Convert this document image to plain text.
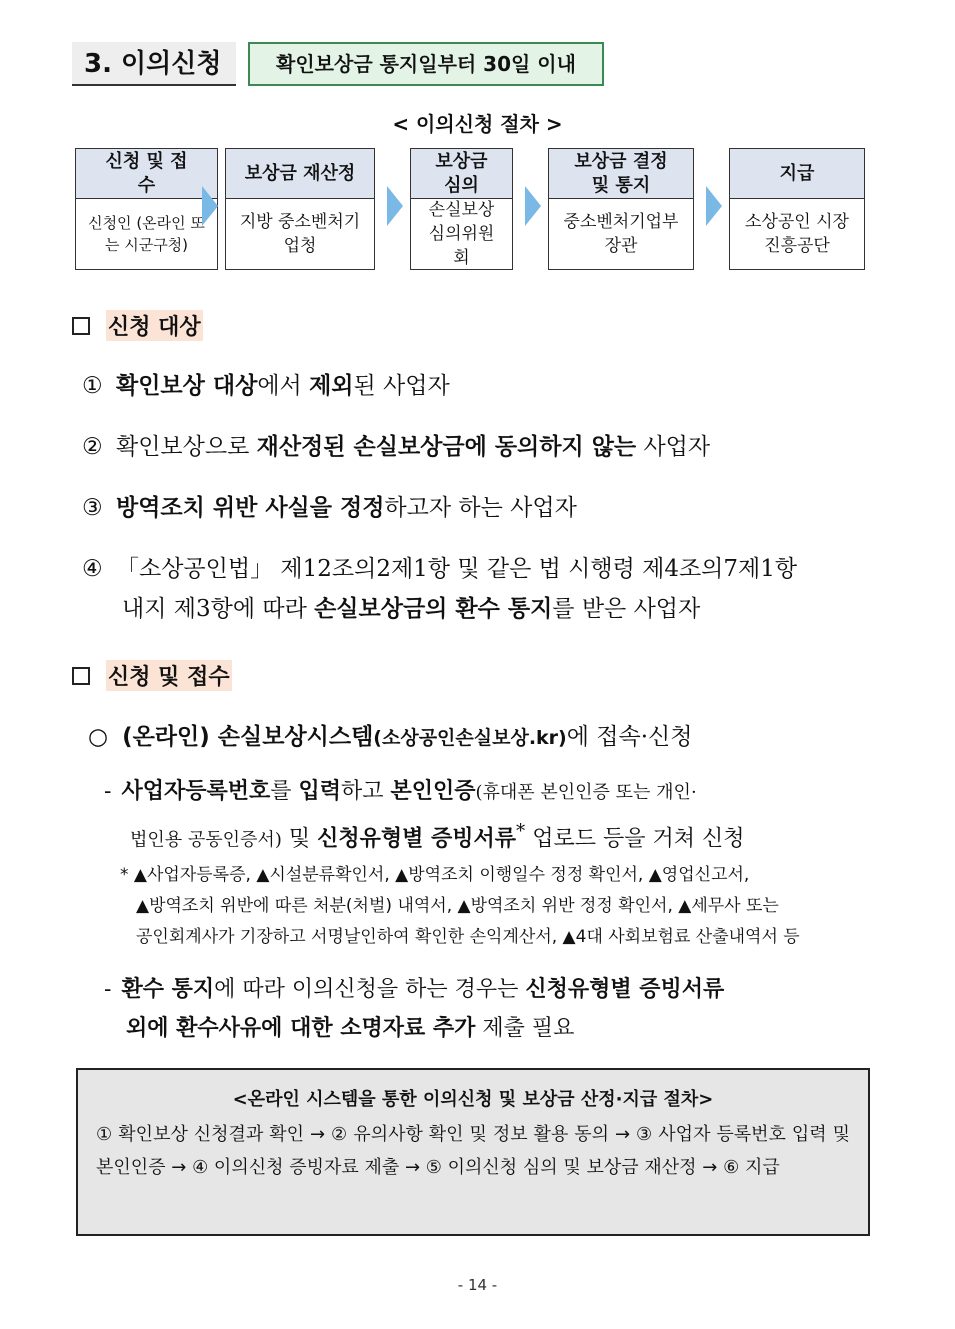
3. 이의신청	확인보상금 통지일부터 30일 이내
< 이의신청 절차 >
신청 및 접수
신청인 (온라인 또는 시군구청)
보상금 재산정
지방 중소벤처기업청
보상금 심의
손실보상 심의위원회
보상금 결정 및 통지
중소벤처기업부 장관
지급
소상공인 시장진흥공단
신청 대상
① 확인보상 대상에서 제외된 사업자
② 확인보상으로 재산정된 손실보상금에 동의하지 않는 사업자
③ 방역조치 위반 사실을 정정하고자 하는 사업자
④ 「소상공인법」 제12조의2제1항 및 같은 법 시행령 제4조의7제1항
내지 제3항에 따라 손실보상금의 환수 통지를 받은 사업자
신청 및 접수
○ (온라인) 손실보상시스템(소상공인손실보상.kr)에 접속·신청
- 사업자등록번호를 입력하고 본인인증(휴대폰 본인인증 또는 개인·
법인용 공동인증서) 및 신청유형별 증빙서류* 업로드 등을 거쳐 신청
* ▲사업자등록증, ▲시설분류확인서, ▲방역조치 이행일수 정정 확인서, ▲영업신고서,
▲방역조치 위반에 따른 처분(처벌) 내역서, ▲방역조치 위반 정정 확인서, ▲세무사 또는
공인회계사가 기장하고 서명날인하여 확인한 손익계산서, ▲4대 사회보험료 산출내역서 등
- 환수 통지에 따라 이의신청을 하는 경우는 신청유형별 증빙서류
외에 환수사유에 대한 소명자료 추가 제출 필요
<온라인 시스템을 통한 이의신청 및 보상금 산정·지급 절차>
① 확인보상 신청결과 확인 → ② 유의사항 확인 및 정보 활용 동의 → ③ 사업자 등록번호 입력 및 본인인증 → ④ 이의신청 증빙자료 제출 → ⑤ 이의신청 심의 및 보상금 재산정 → ⑥ 지급
- 14 -
